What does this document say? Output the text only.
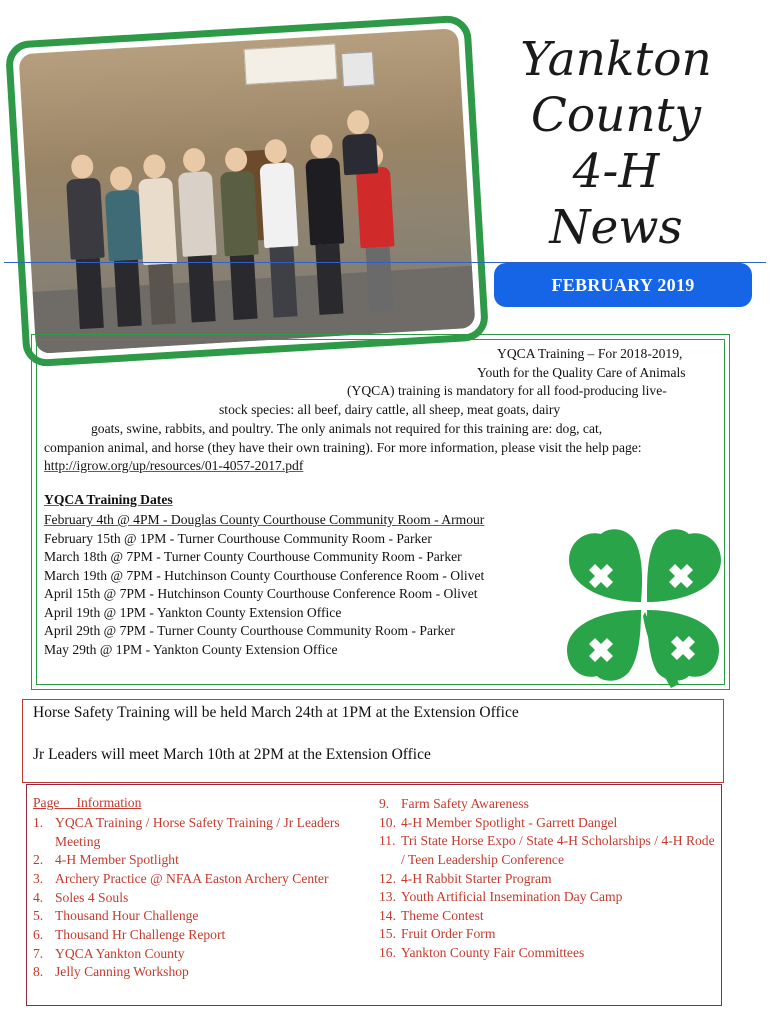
Yankton
County
4-H
News
FEBRUARY 2019
YQCA Training – For 2018-2019,
Youth for the Quality Care of Animals
(YQCA) training is mandatory for all food-producing live-
stock species: all beef, dairy cattle, all sheep, meat goats, dairy
goats, swine, rabbits, and poultry. The only animals not required for this training are: dog, cat,
companion animal, and horse (they have their own training). For more information, please visit the help page:
http://igrow.org/up/resources/01-4057-2017.pdf
YQCA Training Dates
February 4th @ 4PM - Douglas County Courthouse Community Room - Armour
February 15th @ 1PM - Turner Courthouse Community Room - Parker
March 18th @ 7PM - Turner County Courthouse Community Room - Parker
March 19th @ 7PM - Hutchinson County Courthouse Conference Room - Olivet
April 15th @ 7PM - Hutchinson County Courthouse Conference Room - Olivet
April 19th @ 1PM - Yankton County Extension Office
April 29th @ 7PM - Turner County Courthouse Community Room - Parker
May 29th @ 1PM - Yankton County Extension Office
Horse Safety Training will be held March 24th at 1PM at the Extension Office
Jr Leaders will meet March 10th at 2PM at the Extension Office
Page Information
1. YQCA Training / Horse Safety Training / Jr Leaders Meeting
2. 4-H Member Spotlight
3. Archery Practice @ NFAA Easton Archery Center
4. Soles 4 Souls
5. Thousand Hour Challenge
6. Thousand Hr Challenge Report
7. YQCA Yankton County
8. Jelly Canning Workshop
9. Farm Safety Awareness
10. 4-H Member Spotlight - Garrett Dangel
11. Tri State Horse Expo / State 4-H Scholarships / 4-H Rode / Teen Leadership Conference
12. 4-H Rabbit Starter Program
13. Youth Artificial Insemination Day Camp
14. Theme Contest
15. Fruit Order Form
16. Yankton County Fair Committees
